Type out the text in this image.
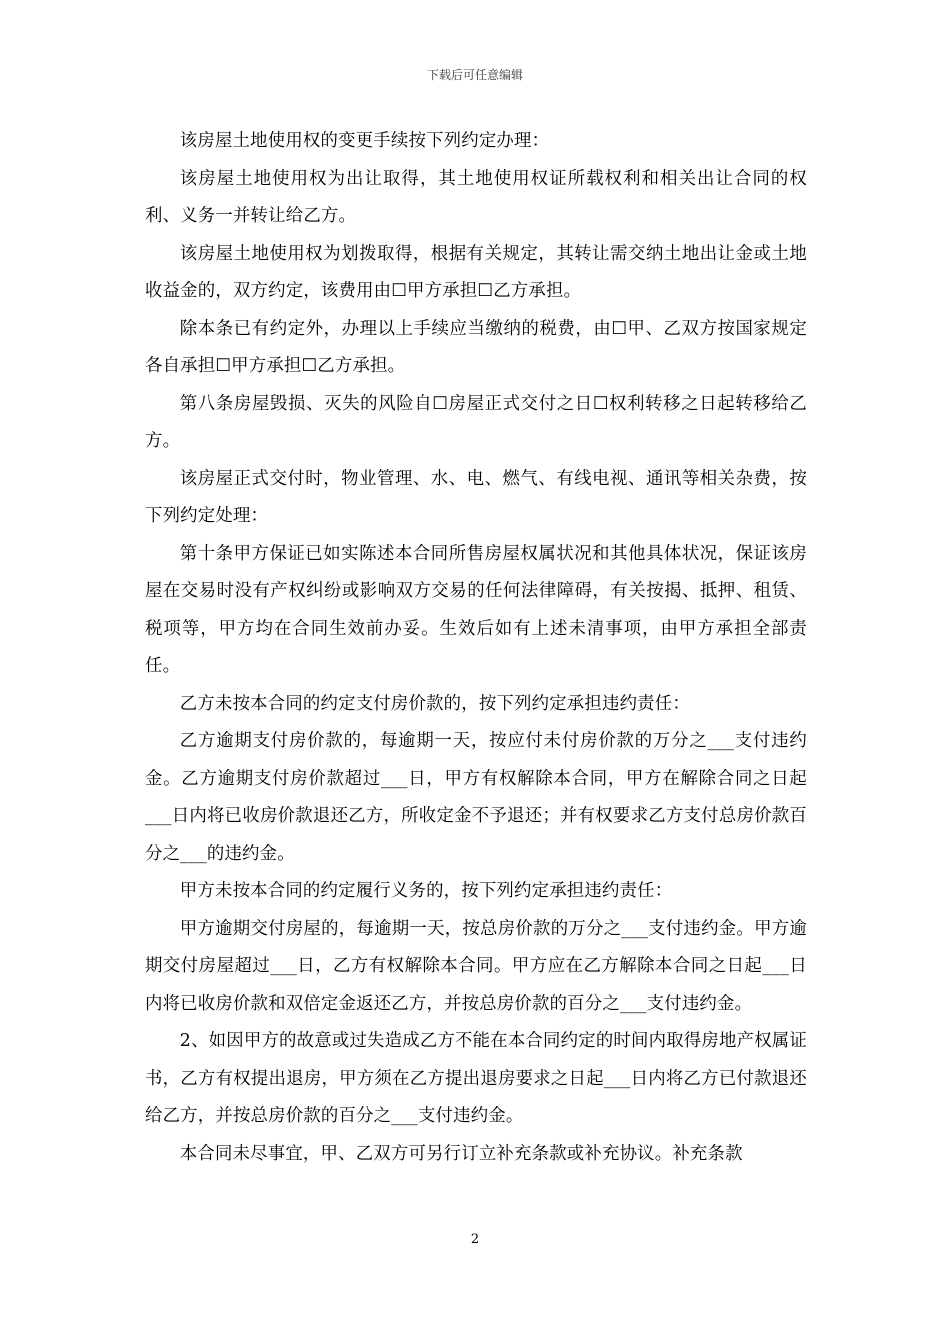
下载后可任意编辑

该房屋土地使用权的变更手续按下列约定办理：

该房屋土地使用权为出让取得，其土地使用权证所载权利和相关出让合同的权利、义务一并转让给乙方。

该房屋土地使用权为划拨取得，根据有关规定，其转让需交纳土地出让金或土地收益金的，双方约定，该费用由☐甲方承担☐乙方承担。

除本条已有约定外，办理以上手续应当缴纳的税费，由☐甲、乙双方按国家规定各自承担☐甲方承担☐乙方承担。

第八条房屋毁损、灭失的风险自☐房屋正式交付之日☐权利转移之日起转移给乙方。

该房屋正式交付时，物业管理、水、电、燃气、有线电视、通讯等相关杂费，按下列约定处理：

第十条甲方保证已如实陈述本合同所售房屋权属状况和其他具体状况，保证该房屋在交易时没有产权纠纷或影响双方交易的任何法律障碍，有关按揭、抵押、租赁、税项等，甲方均在合同生效前办妥。生效后如有上述未清事项，由甲方承担全部责任。

乙方未按本合同的约定支付房价款的，按下列约定承担违约责任：

乙方逾期支付房价款的，每逾期一天，按应付未付房价款的万分之___支付违约金。乙方逾期支付房价款超过___日，甲方有权解除本合同，甲方在解除合同之日起___日内将已收房价款退还乙方，所收定金不予退还；并有权要求乙方支付总房价款百分之___的违约金。

甲方未按本合同的约定履行义务的，按下列约定承担违约责任：

甲方逾期交付房屋的，每逾期一天，按总房价款的万分之___支付违约金。甲方逾期交付房屋超过___日，乙方有权解除本合同。甲方应在乙方解除本合同之日起___日内将已收房价款和双倍定金返还乙方，并按总房价款的百分之___支付违约金。

2、如因甲方的故意或过失造成乙方不能在本合同约定的时间内取得房地产权属证书，乙方有权提出退房，甲方须在乙方提出退房要求之日起___日内将乙方已付款退还给乙方，并按总房价款的百分之___支付违约金。

本合同未尽事宜，甲、乙双方可另行订立补充条款或补充协议。补充条款

2
